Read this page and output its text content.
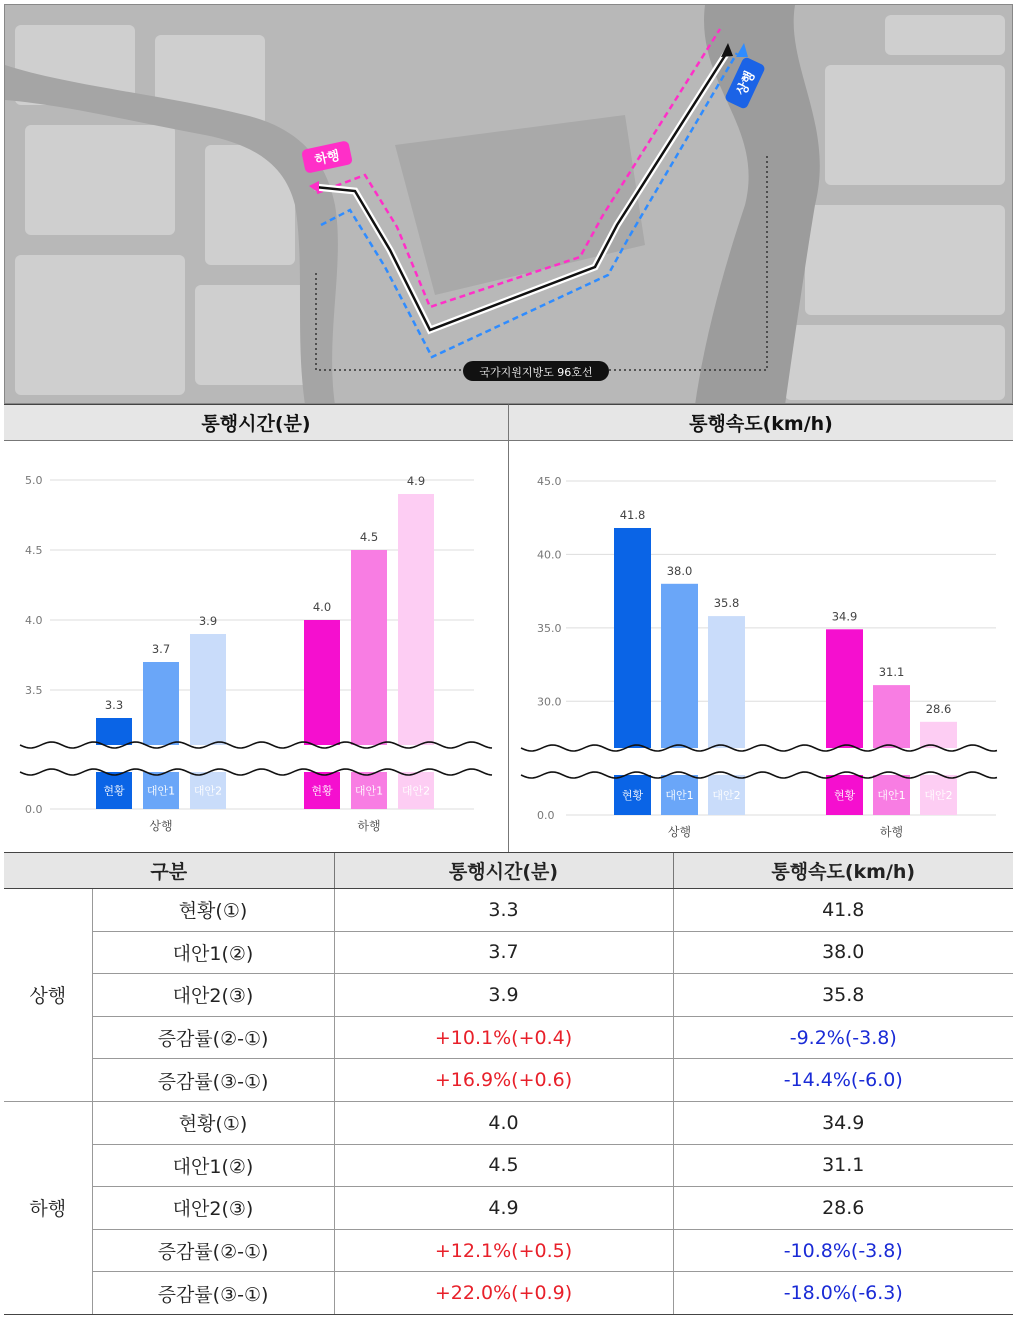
하행
상행
국가지원지방도 96호선
통행시간(분)	통행속도(km/h)
0.0
3.5
4.0
4.5
5.0
현황
3.3
대안1
3.7
대안2
3.9
상행
현황
4.0
대안1
4.5
대안2
4.9
하행
0.0
30.0
35.0
40.0
45.0
현황
41.8
대안1
38.0
대안2
35.8
상행
현황
34.9
대안1
31.1
대안2
28.6
하행
구분		통행시간(분)	통행속도(km/h)
상행	현황(①)	3.3	41.8
	대안1(②)	3.7	38.0
	대안2(③)	3.9	35.8
	증감률(②-①)	+10.1%(+0.4)	-9.2%(-3.8)
	증감률(③-①)	+16.9%(+0.6)	-14.4%(-6.0)
하행	현황(①)	4.0	34.9
	대안1(②)	4.5	31.1
	대안2(③)	4.9	28.6
	증감률(②-①)	+12.1%(+0.5)	-10.8%(-3.8)
	증감률(③-①)	+22.0%(+0.9)	-18.0%(-6.3)
